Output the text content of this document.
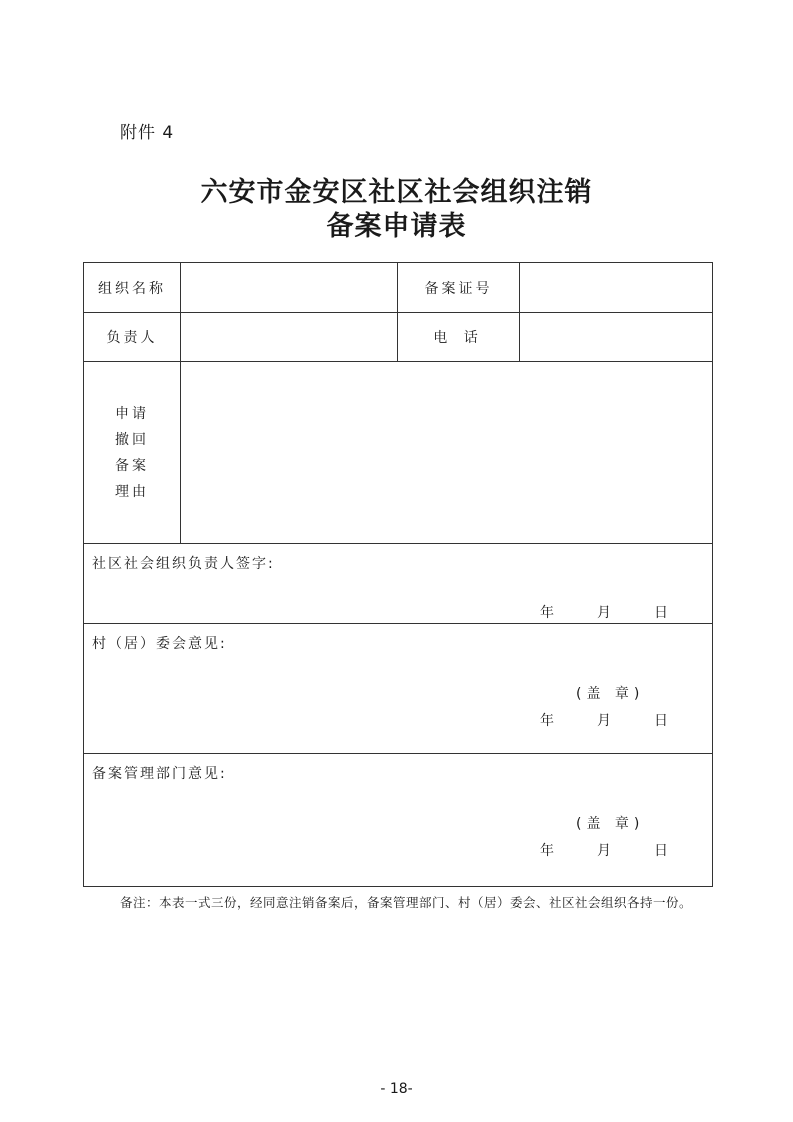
附件 4
六安市金安区社区社会组织注销
备案申请表
组织名称		备案证号	
负责人		电 话	

申请
撤回
备案
理由			

社区社会组织负责人签字:
年 月 日			

村（居）委会意见:
(盖 章)
年 月 日			

备案管理部门意见:
(盖 章)
年 月 日			
备注：本表一式三份，经同意注销备案后，备案管理部门、村（居）委会、社区社会组织各持一份。
- 18-
